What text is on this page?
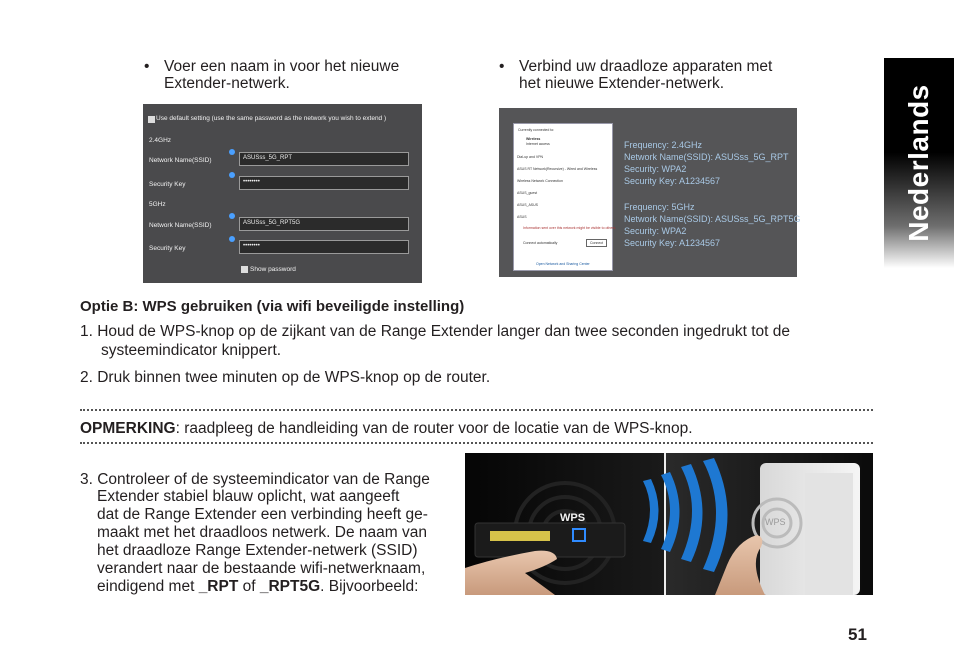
Nederlands
• Voer een naam in voor het nieuwe
Extender-netwerk.
• Verbind uw draadloze apparaten met
het nieuwe Extender-netwerk.
Use default setting (use the same password as the network you wish to extend )
2.4GHz
Network Name(SSID)	ASUSss_5G_RPT
Security Key	••••••••
5GHz
Network Name(SSID)	ASUSss_5G_RPT5G
Security Key	••••••••
Show password
Currently connected to:
Wireless
Internet access
Dial-up and VPN
ASUS RT Network(Recursive) - Wired and Wireless
Wireless Network Connection
ASUS_guest
ASUS_ASUS
ASUS
Information sent over this network might be visible to others.
Connect automatically	Connect
Open Network and Sharing Center
Frequency: 2.4GHz
Network Name(SSID): ASUSss_5G_RPT
Security: WPA2
Security Key: A1234567
Frequency: 5GHz
Network Name(SSID): ASUSss_5G_RPT5G
Security: WPA2
Security Key: A1234567
Optie B: WPS gebruiken (via wifi beveiligde instelling)
1. Houd de WPS-knop op de zijkant van de Range Extender langer dan twee seconden ingedrukt tot de
systeemindicator knippert.
2. Druk binnen twee minuten op de WPS-knop op de router.
OPMERKING: raadpleeg de handleiding van de router voor de locatie van de WPS-knop.
3. Controleer of de systeemindicator van de Range
Extender stabiel blauw oplicht, wat aangeeft
dat de Range Extender een verbinding heeft ge-
maakt met het draadloos netwerk. De naam van
het draadloze Range Extender-netwerk (SSID)
verandert naar de bestaande wifi-netwerknaam,
eindigend met _RPT of _RPT5G. Bijvoorbeeld:
WPS	WPS
51
